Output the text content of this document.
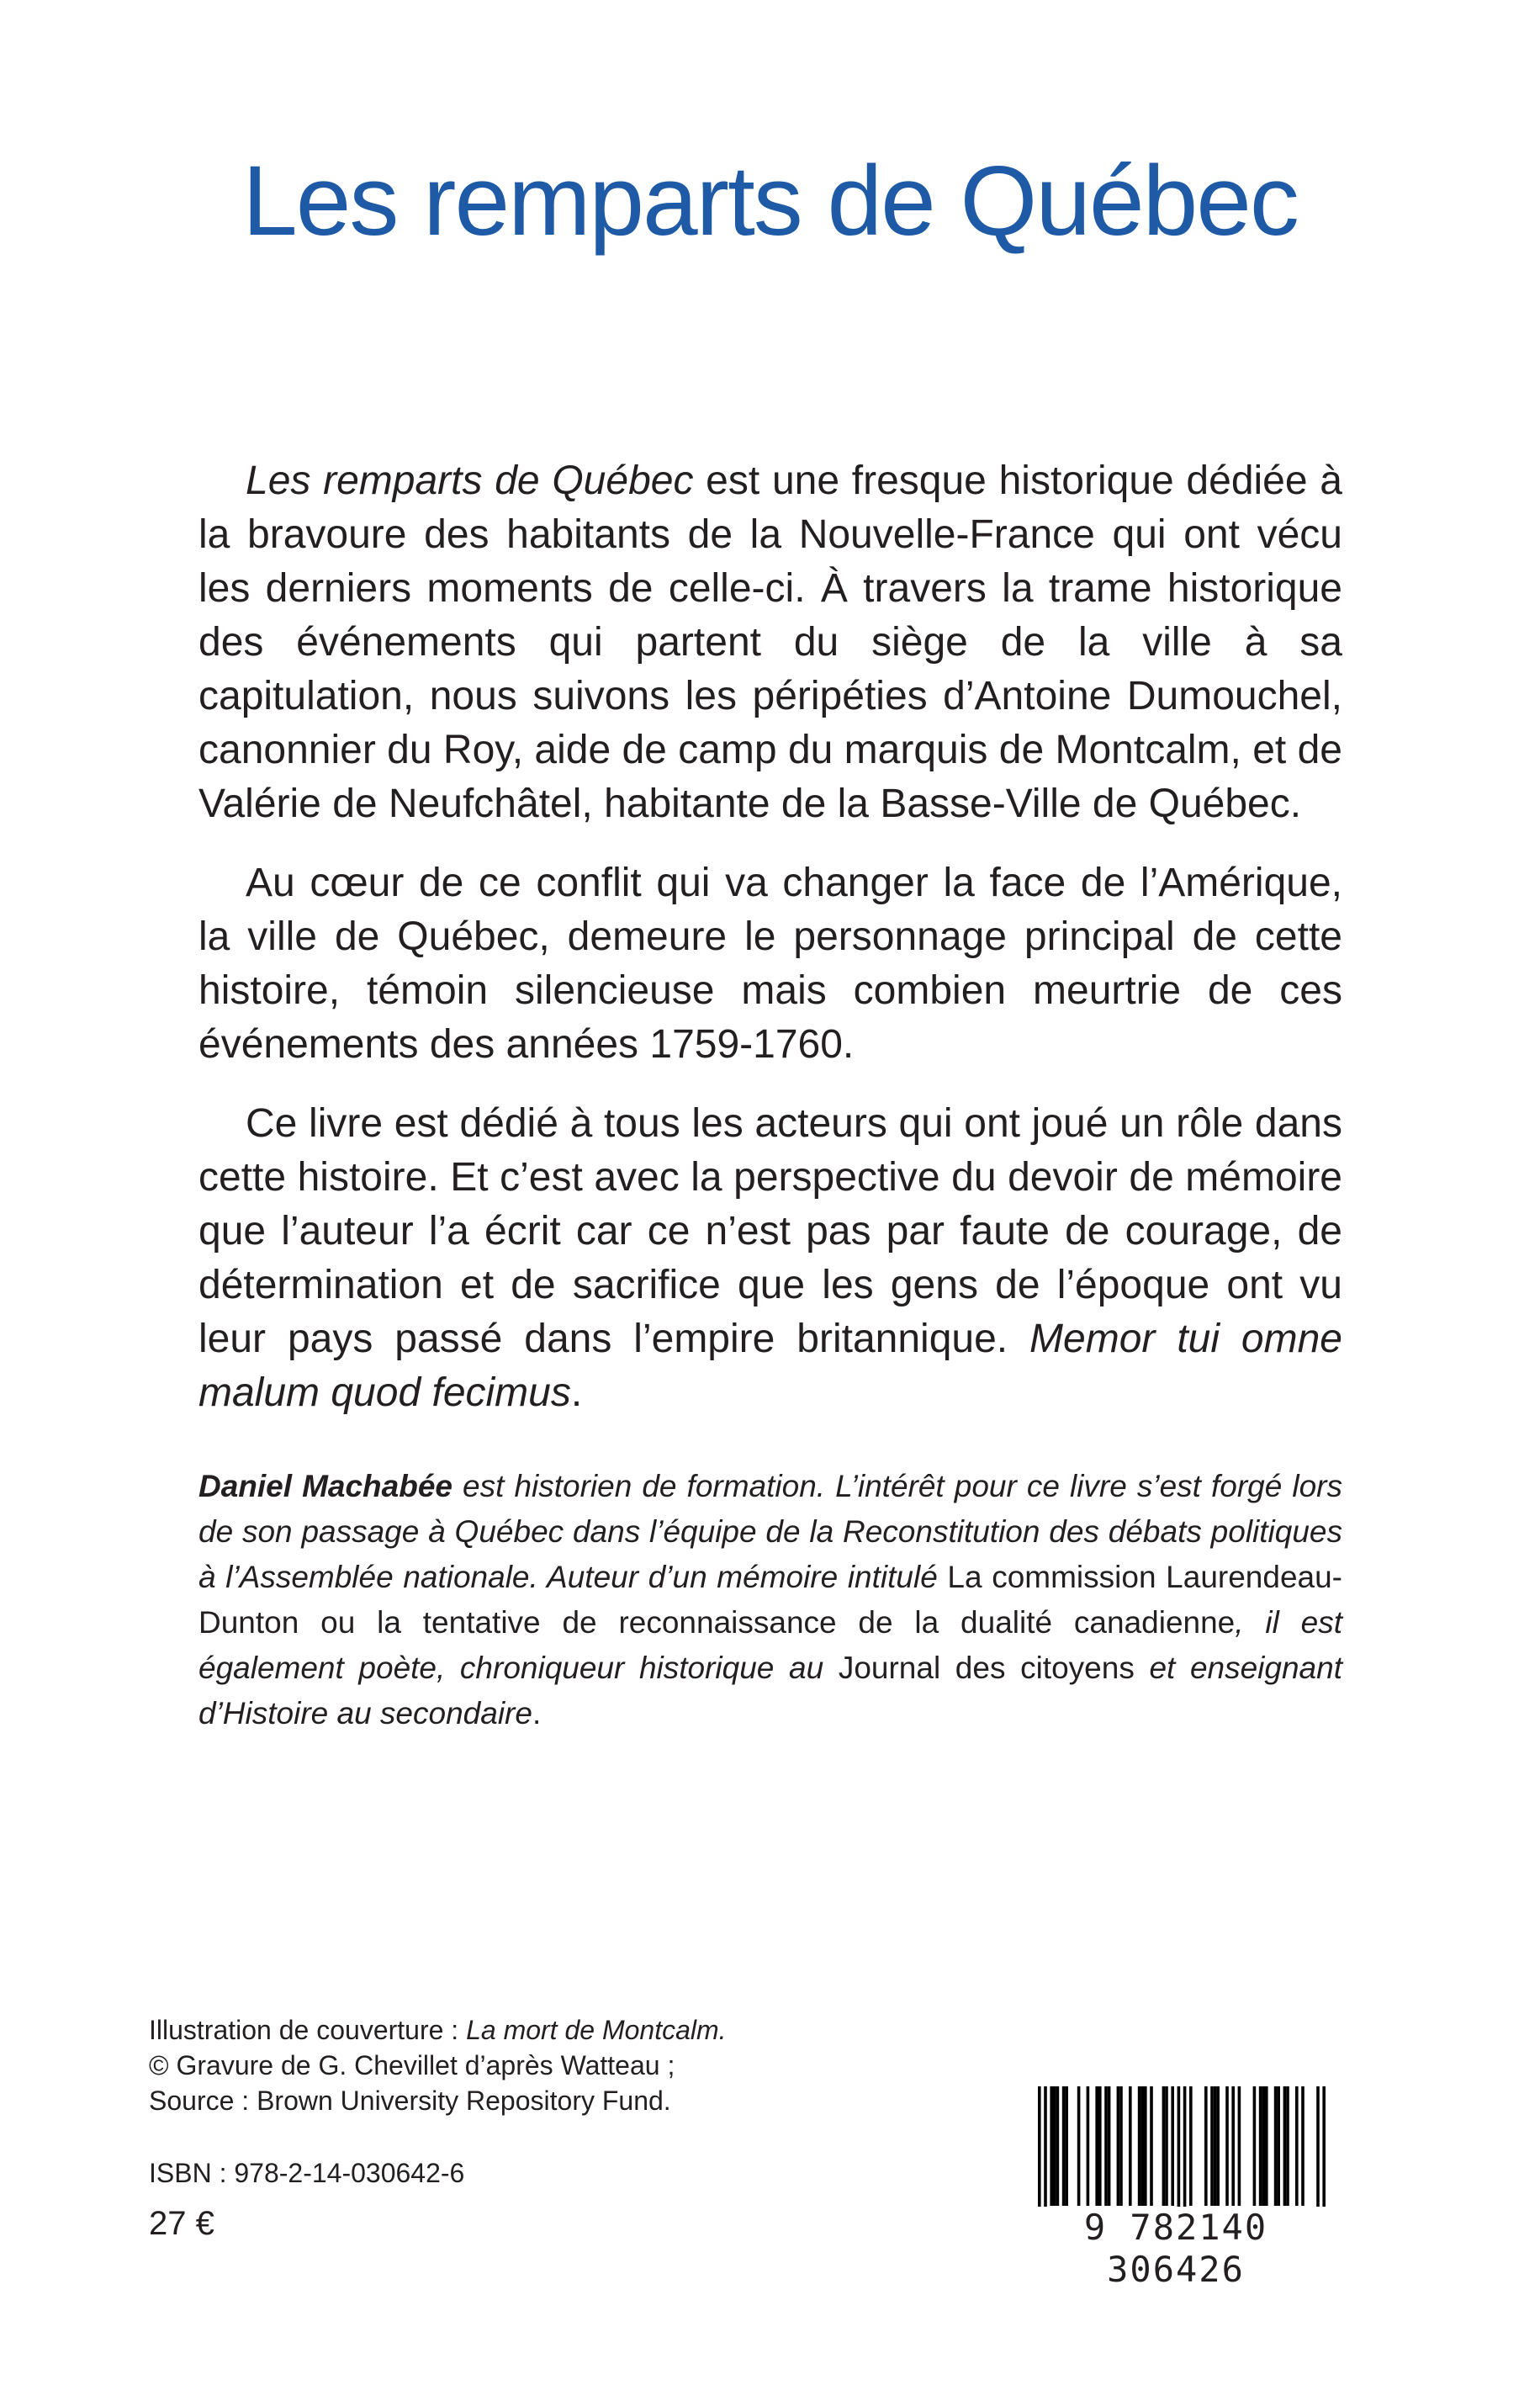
Les remparts de Québec

Les remparts de Québec est une fresque historique dédiée à la bravoure des habitants de la Nouvelle-France qui ont vécu les derniers moments de celle-ci. À travers la trame historique des événements qui partent du siège de la ville à sa capitulation, nous suivons les péripéties d’Antoine Dumouchel, canonnier du Roy, aide de camp du marquis de Montcalm, et de Valérie de Neufchâtel, habitante de la Basse-Ville de Québec.

Au cœur de ce conflit qui va changer la face de l’Amérique, la ville de Québec, demeure le personnage principal de cette histoire, témoin silencieuse mais combien meurtrie de ces événements des années 1759-1760.

Ce livre est dédié à tous les acteurs qui ont joué un rôle dans cette histoire. Et c’est avec la perspective du devoir de mémoire que l’auteur l’a écrit car ce n’est pas par faute de courage, de détermination et de sacrifice que les gens de l’époque ont vu leur pays passé dans l’empire britannique. Memor tui omne malum quod fecimus.

Daniel Machabée est historien de formation. L’intérêt pour ce livre s’est forgé lors de son passage à Québec dans l’équipe de la Reconstitution des débats politiques à l’Assemblée nationale. Auteur d’un mémoire intitulé La commission Laurendeau-Dunton ou la tentative de reconnaissance de la dualité canadienne, il est également poète, chroniqueur historique au Journal des citoyens et enseignant d’Histoire au secondaire.

Illustration de couverture : La mort de Montcalm.
© Gravure de G. Chevillet d’après Watteau ;
Source : Brown University Repository Fund.
ISBN : 978-2-14-030642-6
27 €	9 782140 306426
